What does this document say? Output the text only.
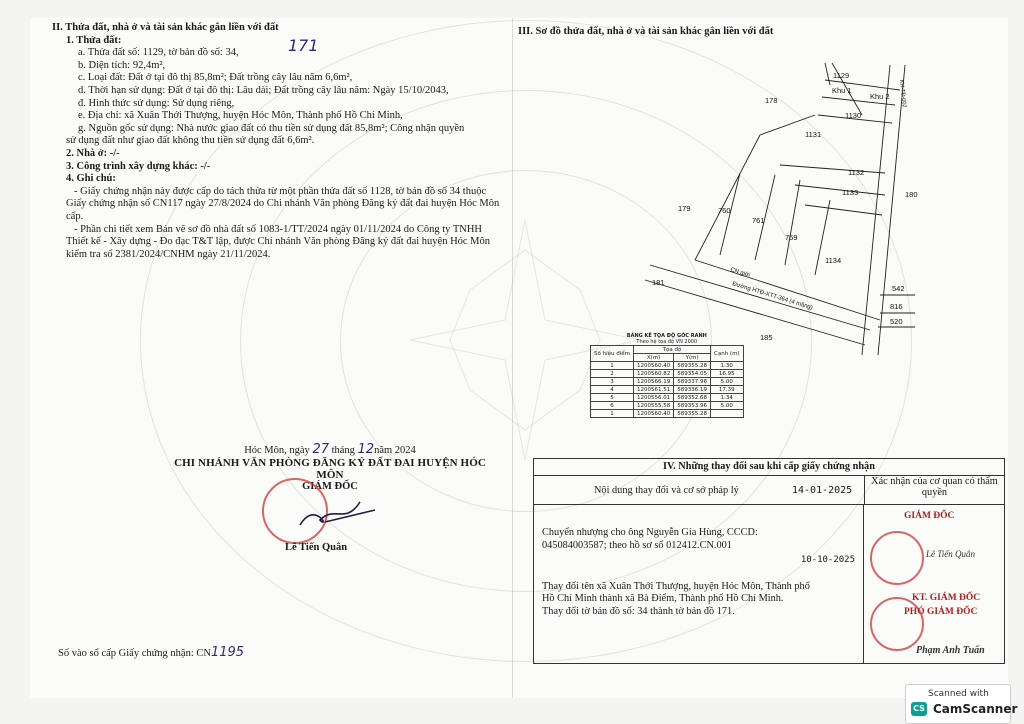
II. Thửa đất, nhà ở và tài sản khác gắn liền với đất
1. Thửa đất:
a. Thửa đất số: 1129, tờ bản đồ số: 34,
b. Diện tích: 92,4m²,
c. Loại đất: Đất ở tại đô thị 85,8m²; Đất trồng cây lâu năm 6,6m²,
d. Thời hạn sử dụng: Đất ở tại đô thị: Lâu dài; Đất trồng cây lâu năm: Ngày 15/10/2043,
đ. Hình thức sử dụng: Sử dụng riêng,
e. Địa chỉ: xã Xuân Thới Thượng, huyện Hóc Môn, Thành phố Hồ Chí Minh,
g. Nguồn gốc sử dụng: Nhà nước giao đất có thu tiền sử dụng đất 85,8m²; Công nhận quyền
sử dụng đất như giao đất không thu tiền sử dụng đất 6,6m².
2. Nhà ở: -/-
3. Công trình xây dựng khác: -/-
4. Ghi chú:
- Giấy chứng nhận này được cấp do tách thửa từ một phần thửa đất số 1128, tờ bản đồ số 34 thuộc Giấy chứng nhận số CN117 ngày 27/8/2024 do Chi nhánh Văn phòng Đăng ký đất đai huyện Hóc Môn cấp.
- Phần chi tiết xem Bản vẽ sơ đồ nhà đất số 1083-1/TT/2024 ngày 01/11/2024 do Công ty TNHH Thiết kế - Xây dựng - Đo đạc T&T lập, được Chi nhánh Văn phòng Đăng ký đất đai huyện Hóc Môn kiểm tra số 2381/2024/CNHM ngày 21/11/2024.
171
Hóc Môn, ngày 27 tháng 12năm 2024
CHI NHÁNH VĂN PHÒNG ĐĂNG KÝ ĐẤT ĐAI HUYỆN HÓC MÔN
GIÁM ĐỐC
Lê Tiến Quân
Số vào sổ cấp Giấy chứng nhận: CN1195
III. Sơ đồ thửa đất, nhà ở và tài sản khác gắn liền với đất
1129
Khu 1
Khu 2
1130
178
1131
1132
1133	180
179	760
761
759
1134
181
542
816
520
185
Đường HTĐ-XTT-364 (4 măng)
CN giới
KH-TĐ-002
BẢNG KÊ TỌA ĐỘ GÓC RANH
Theo hệ tọa độ VN 2000
Số hiệu điểm	Tọa độ		Cạnh (m)
	X(m)	Y(m)	
1	1200560.40	589355.28	1.30
2	1200560.82	589354.05	16.95
3	1200566.19	589337.96	5.00
4	1200561.51	589336.19	17.39
5	1200556.01	589352.68	1.34
6	1200555.58	589353.96	5.00
1	1200560.40	589355.28	
IV. Những thay đổi sau khi cấp giấy chứng nhận
Nội dung thay đổi và cơ sở pháp lý	14-01-2025
Xác nhận của cơ quan có thẩm quyền

Chuyển nhượng cho ông Nguyễn Gia Hùng, CCCD:

045084003587; theo hồ sơ số 012412.CN.001

10-10-2025

Thay đổi tên xã Xuân Thới Thượng, huyện Hóc Môn, Thành phố

Hồ Chí Minh thành xã Bà Điểm, Thành phố Hồ Chí Minh.

Thay đổi tờ bản đồ số: 34 thành tờ bản đồ 171.

GIÁM ĐỐC
Lê Tiến Quân
KT. GIÁM ĐỐC
PHÓ GIÁM ĐỐC
Phạm Anh Tuấn
Scanned with
CS CamScanner
